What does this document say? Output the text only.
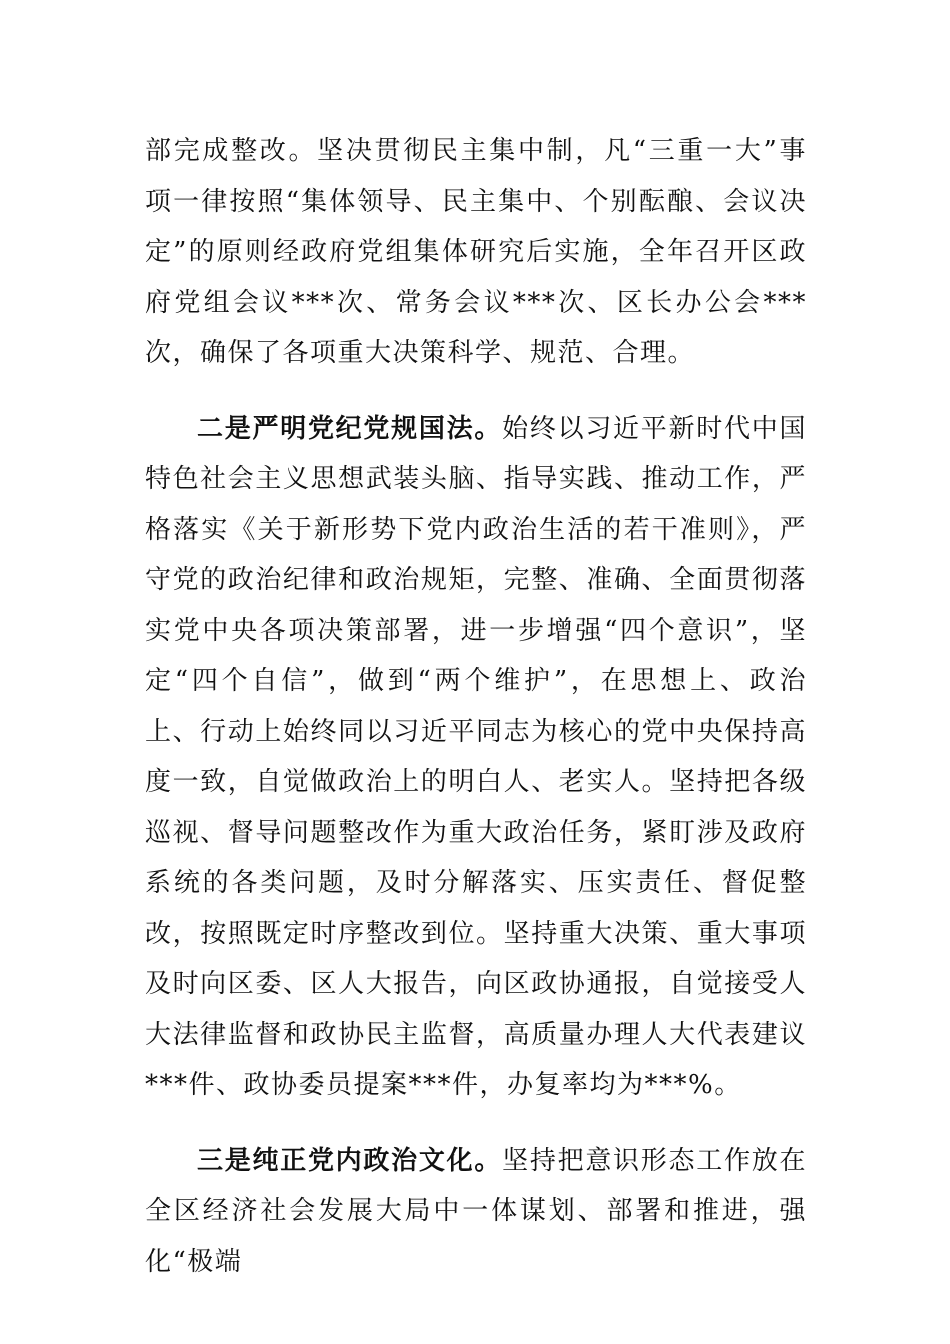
部完成整改。坚决贯彻民主集中制，凡“三重一大”事项一律按照“集体领导、民主集中、个别酝酿、会议决定”的原则经政府党组集体研究后实施，全年召开区政府党组会议***次、常务会议***次、区长办公会***次，确保了各项重大决策科学、规范、合理。

二是严明党纪党规国法。始终以习近平新时代中国特色社会主义思想武装头脑、指导实践、推动工作，严格落实《关于新形势下党内政治生活的若干准则》，严守党的政治纪律和政治规矩，完整、准确、全面贯彻落实党中央各项决策部署，进一步增强“四个意识”，坚定“四个自信”，做到“两个维护”，在思想上、政治上、行动上始终同以习近平同志为核心的党中央保持高度一致，自觉做政治上的明白人、老实人。坚持把各级巡视、督导问题整改作为重大政治任务，紧盯涉及政府系统的各类问题，及时分解落实、压实责任、督促整改，按照既定时序整改到位。坚持重大决策、重大事项及时向区委、区人大报告，向区政协通报，自觉接受人大法律监督和政协民主监督，高质量办理人大代表建议***件、政协委员提案***件，办复率均为***%。

三是纯正党内政治文化。坚持把意识形态工作放在全区经济社会发展大局中一体谋划、部署和推进，强化“极端
